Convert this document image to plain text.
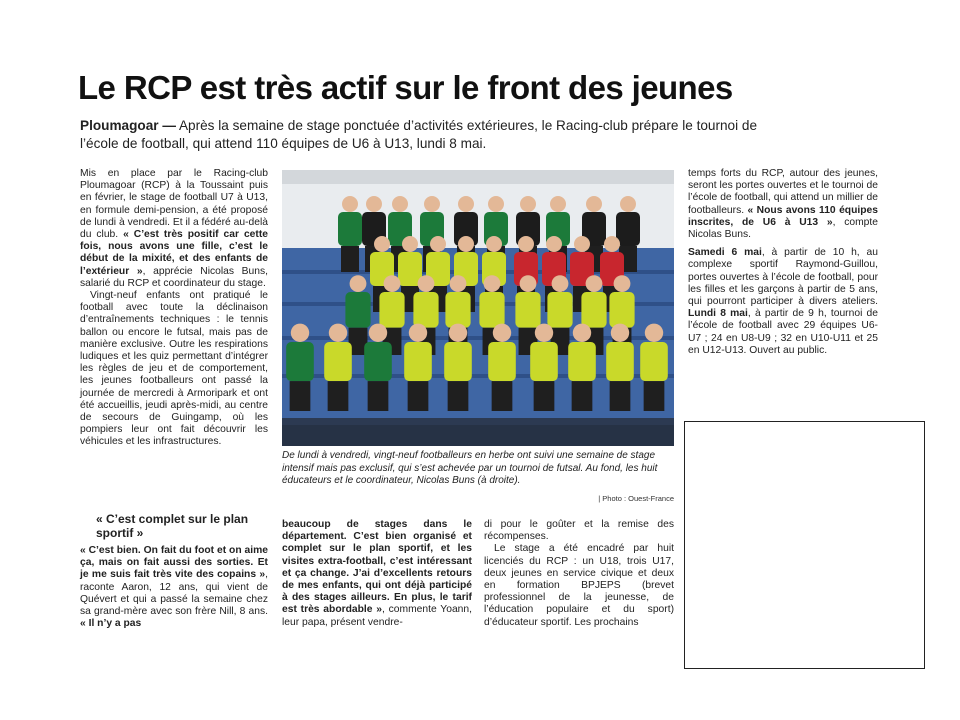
Le RCP est très actif sur le front des jeunes
Ploumagoar — Après la semaine de stage ponctuée d’activités extérieures, le Racing-club prépare le tournoi de l’école de football, qui attend 110 équipes de U6 à U13, lundi 8 mai.

Mis en place par le Racing-club Ploumagoar (RCP) à la Toussaint puis en février, le stage de football U7 à U13, en formule demi-pension, a été proposé de lundi à vendredi. Et il a fédéré au-delà du club. « C’est très positif car cette fois, nous avons une fille, c’est le début de la mixité, et des enfants de l’extérieur », apprécie Nicolas Buns, salarié du RCP et coordinateur du stage.

Vingt-neuf enfants ont pratiqué le football avec toute la déclinaison d’entraînements techniques : le tennis ballon ou encore le futsal, mais pas de manière exclusive. Outre les respirations ludiques et les quiz permettant d’intégrer les règles de jeu et de comportement, les jeunes footballeurs ont passé la journée de mercredi à Armoripark et ont été accueillis, jeudi après-midi, au centre de secours de Guingamp, où les pompiers leur ont fait découvrir les véhicules et les infrastructures.

« C’est complet sur le plan sportif »

« C’est bien. On fait du foot et on aime ça, mais on fait aussi des sorties. Et je me suis fait très vite des copains », raconte Aaron, 12 ans, qui vient de Quévert et qui a passé la semaine chez sa grand-mère avec son frère Nill, 8 ans. « Il n’y a pas

De lundi à vendredi, vingt-neuf footballeurs en herbe ont suivi une semaine de stage intensif mais pas exclusif, qui s’est achevée par un tournoi de futsal. Au fond, les huit éducateurs et le coordinateur, Nicolas Buns (à droite).
| Photo : Ouest-France

beaucoup de stages dans le département. C’est bien organisé et complet sur le plan sportif, et les visites extra-football, c’est intéressant et ça change. J’ai d’excellents retours de mes enfants, qui ont déjà participé à des stages ailleurs. En plus, le tarif est très abordable », commente Yoann, leur papa, présent vendre-

di pour le goûter et la remise des récompenses.

Le stage a été encadré par huit licenciés du RCP : un U18, trois U17, deux jeunes en service civique et deux en formation BPJEPS (brevet professionnel de la jeunesse, de l’éducation populaire et du sport) d’éducateur sportif. Les prochains

temps forts du RCP, autour des jeunes, seront les portes ouvertes et le tournoi de l’école de football, qui attend un millier de footballeurs. « Nous avons 110 équipes inscrites, de U6 à U13 », compte Nicolas Buns.

Samedi 6 mai, à partir de 10 h, au complexe sportif Raymond-Guillou, portes ouvertes à l’école de football, pour les filles et les garçons à partir de 5 ans, qui pourront participer à divers ateliers. Lundi 8 mai, à partir de 9 h, tournoi de l’école de football avec 29 équipes U6-U7 ; 24 en U8-U9 ; 32 en U10-U11 et 25 en U12-U13. Ouvert au public.
